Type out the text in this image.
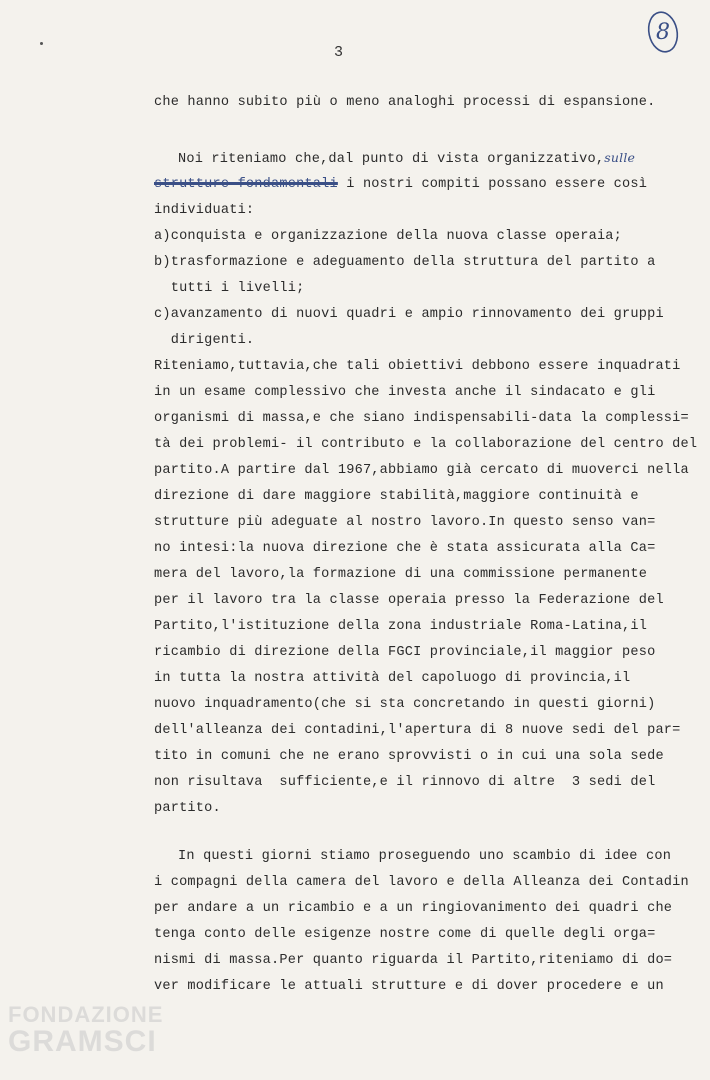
3
8
che hanno subito più o meno analoghi processi di espansione.
Noi riteniamo che,dal punto di vista organizzativo,sulle
strutture fondamentali i nostri compiti possano essere così
individuati:
a)conquista e organizzazione della nuova classe operaia;
b)trasformazione e adeguamento della struttura del partito a
tutti i livelli;
c)avanzamento di nuovi quadri e ampio rinnovamento dei gruppi
dirigenti.
Riteniamo,tuttavia,che tali obiettivi debbono essere inquadrati
in un esame complessivo che investa anche il sindacato e gli
organismi di massa,e che siano indispensabili-data la complessi=
tà dei problemi- il contributo e la collaborazione del centro del
partito.A partire dal 1967,abbiamo già cercato di muoverci nella
direzione di dare maggiore stabilità,maggiore continuità e
strutture più adeguate al nostro lavoro.In questo senso van=
no intesi:la nuova direzione che è stata assicurata alla Ca=
mera del lavoro,la formazione di una commissione permanente
per il lavoro tra la classe operaia presso la Federazione del
Partito,l'istituzione della zona industriale Roma-Latina,il
ricambio di direzione della FGCI provinciale,il maggior peso
in tutta la nostra attività del capoluogo di provincia,il
nuovo inquadramento(che si sta concretando in questi giorni)
dell'alleanza dei contadini,l'apertura di 8 nuove sedi del par=
tito in comuni che ne erano sprovvisti o in cui una sola sede
non risultava  sufficiente,e il rinnovo di altre  3 sedi del
partito.
In questi giorni stiamo proseguendo uno scambio di idee con
i compagni della camera del lavoro e della Alleanza dei Contadin
per andare a un ricambio e a un ringiovanimento dei quadri che
tenga conto delle esigenze nostre come di quelle degli orga=
nismi di massa.Per quanto riguarda il Partito,riteniamo di do=
ver modificare le attuali strutture e di dover procedere e un
FONDAZIONE
GRAMSCI
